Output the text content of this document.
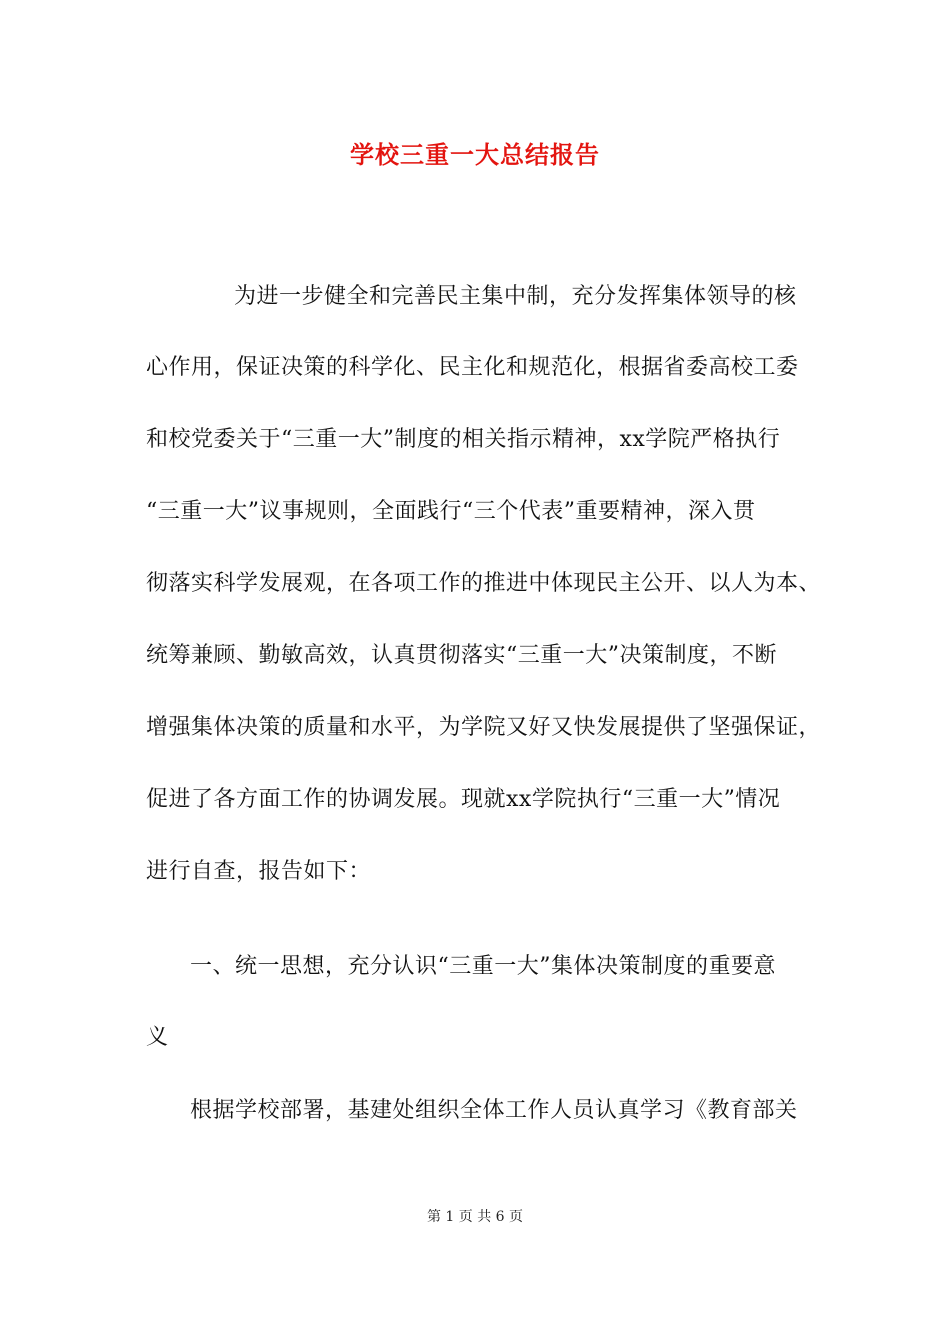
学校三重一大总结报告
为进一步健全和完善民主集中制，充分发挥集体领导的核
心作用，保证决策的科学化、民主化和规范化，根据省委高校工委
和校党委关于“三重一大”制度的相关指示精神，xx学院严格执行
“三重一大”议事规则，全面践行“三个代表”重要精神，深入贯
彻落实科学发展观，在各项工作的推进中体现民主公开、以人为本、
统筹兼顾、勤敏高效，认真贯彻落实“三重一大”决策制度，不断
增强集体决策的质量和水平，为学院又好又快发展提供了坚强保证，
促进了各方面工作的协调发展。现就xx学院执行“三重一大”情况
进行自查，报告如下：
一、统一思想，充分认识“三重一大”集体决策制度的重要意
义
根据学校部署，基建处组织全体工作人员认真学习《教育部关
第 1 页 共 6 页
